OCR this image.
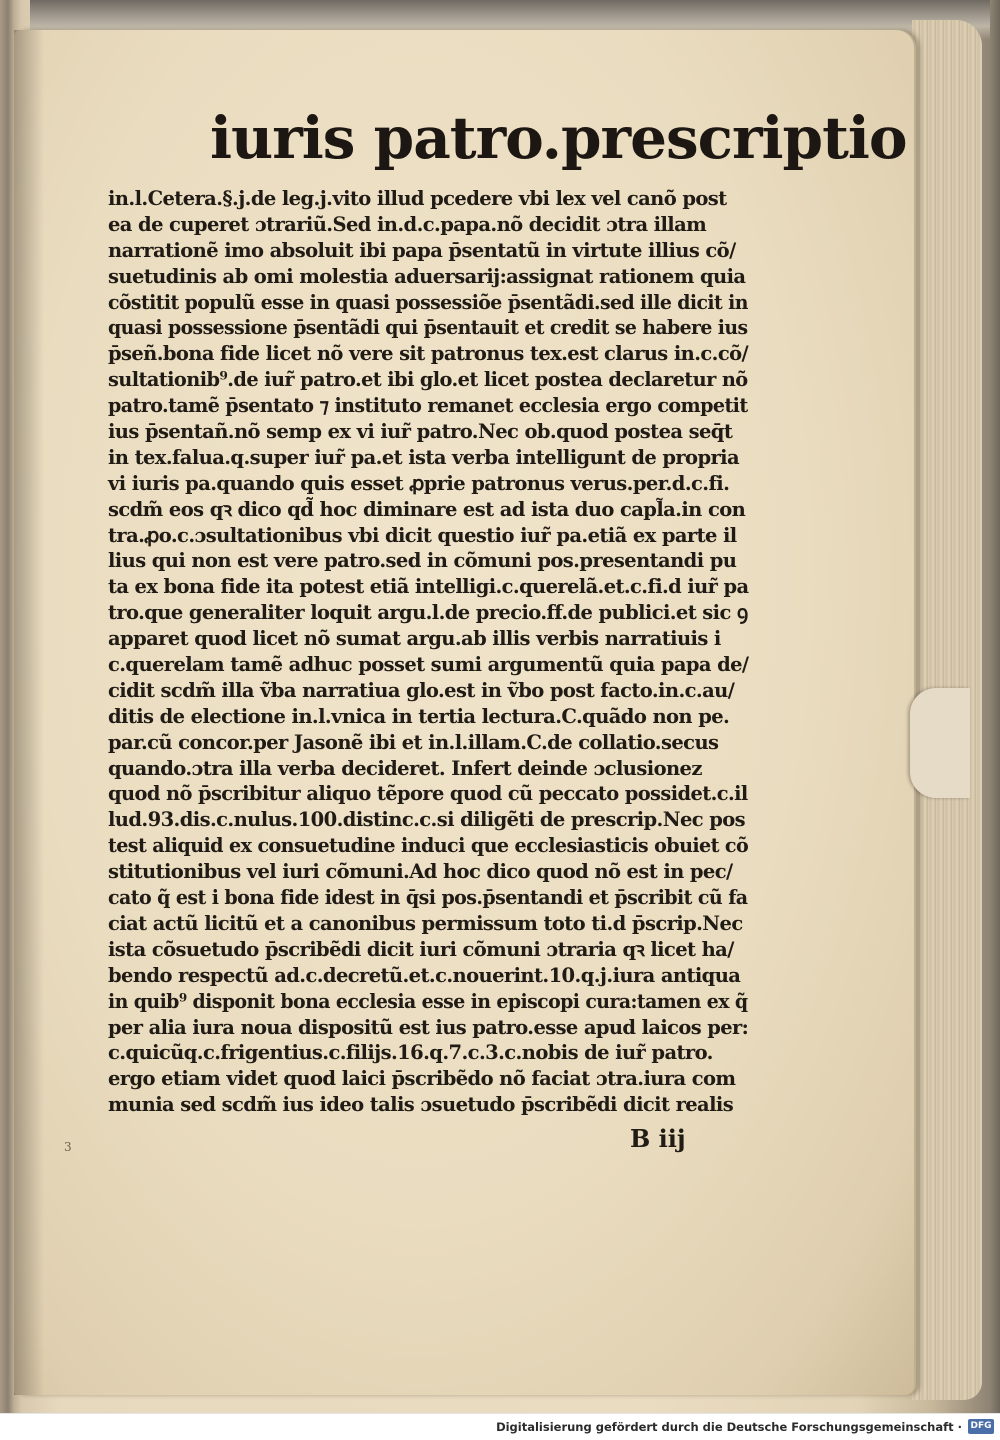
iuris patro.prescriptio
in.l.Cetera.§.j.de leg.j.vito illud pcedere vbi lex vel canõ post
ea de cuperet ɔtrariũ.Sed in.d.c.papa.nõ decidit ɔtra illam
narrationẽ imo absoluit ibi papa p̄sentatũ in virtute illius cõ/
suetudinis ab omi molestia aduersarij:assignat rationem quia
cõstitit populũ esse in quasi possessiõe p̄sentãdi.sed ille dicit in
quasi possessione p̄sentãdi qui p̄sentauit et credit se habere ius
p̄señ.bona fide licet nõ vere sit patronus tex.est clarus in.c.cõ/
sultationib⁹.de iur̃ patro.et ibi glo.et licet postea declaretur nõ
patro.tamẽ p̄sentato ⁊ instituto remanet ecclesia ergo competit
ius p̄sentañ.nõ semp ex vi iur̃ patro.Nec ob.quod postea seq̄t
in tex.falua.q.super iur̃ pa.et ista verba intelligunt de propria
vi iuris pa.quando quis esset ꝓprie patronus verus.per.d.c.fi.
scdm̃ eos qꝛ dico qd̃ hoc diminare est ad ista duo capl̃a.in con
tra.ꝓo.c.ɔsultationibus vbi dicit questio iur̃ pa.etiã ex parte il
lius qui non est vere patro.sed in cõmuni pos.presentandi pu
ta ex bona fide ita potest etiã intelligi.c.querelã.et.c.fi.d iur̃ pa
tro.que generaliter loquit argu.l.de precio.ff.de publici.et sic ꝯ
apparet quod licet nõ sumat argu.ab illis verbis narratiuis i
c.querelam tamẽ adhuc posset sumi argumentũ quia papa de/
cidit scdm̃ illa ṽba narratiua glo.est in ṽbo post facto.in.c.au/
ditis de electione in.l.vnica in tertia lectura.C.quãdo non pe.
par.cũ concor.per Jasonẽ ibi et in.l.illam.C.de collatio.secus
quando.ɔtra illa verba decideret. Infert deinde ɔclusionez
quod nõ p̄scribitur aliquo tẽpore quod cũ peccato possidet.c.il
lud.93.dis.c.nulus.100.distinc.c.si diligẽti de prescrip.Nec pos
test aliquid ex consuetudine induci que ecclesiasticis obuiet cõ
stitutionibus vel iuri cõmuni.Ad hoc dico quod nõ est in pec/
cato q̃ est i bona fide idest in q̄si pos.p̄sentandi et p̄scribit cũ fa
ciat actũ licitũ et a canonibus permissum toto ti.d p̄scrip.Nec
ista cõsuetudo p̄scribẽdi dicit iuri cõmuni ɔtraria qꝛ licet ha/
bendo respectũ ad.c.decretũ.et.c.nouerint.10.q.j.iura antiqua
in quib⁹ disponit bona ecclesia esse in episcopi cura:tamen ex q̃
per alia iura noua dispositũ est ius patro.esse apud laicos per:
c.quicũq.c.frigentius.c.filijs.16.q.7.c.3.c.nobis de iur̃ patro.
ergo etiam videt quod laici p̄scribẽdo nõ faciat ɔtra.iura com
munia sed scdm̃ ius ideo talis ɔsuetudo p̄scribẽdi dicit realis
B iij
3
Digitalisierung gefördert durch die Deutsche Forschungsgemeinschaft · DFG
